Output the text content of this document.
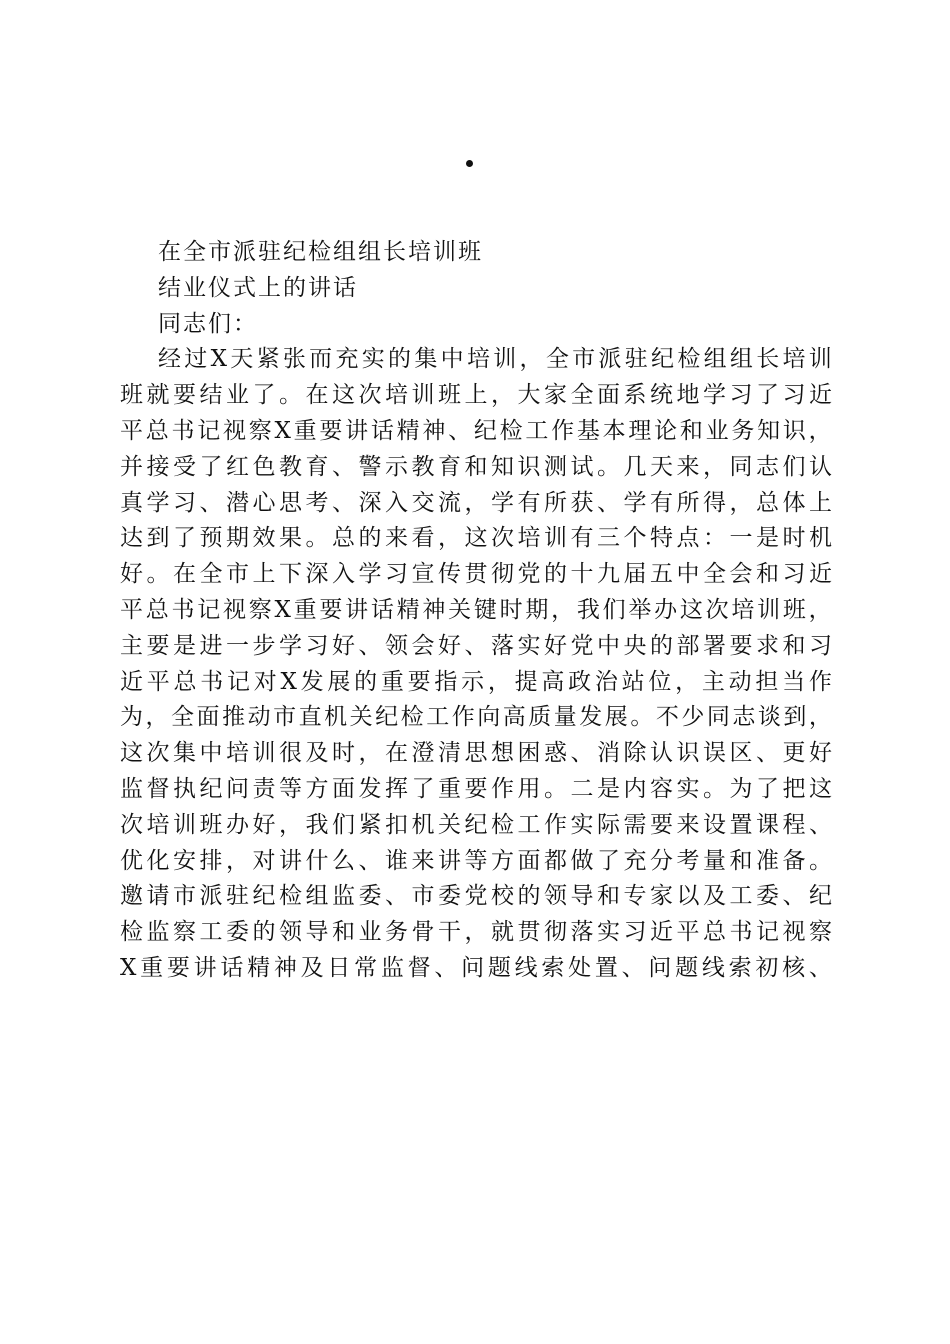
在全市派驻纪检组组长培训班
结业仪式上的讲话
同志们：
经 过 X 天 紧 张 而 充 实 的 集 中 培 训 ， 全 市 派 驻 纪 检 组 组 长 培 训
班 就 要 结 业 了 。 在 这 次 培 训 班 上 ， 大 家 全 面 系 统 地 学 习 了 习 近
平 总 书 记 视 察 X 重 要 讲 话 精 神 、 纪 检 工 作 基 本 理 论 和 业 务 知 识 ，
并 接 受 了 红 色 教 育 、 警 示 教 育 和 知 识 测 试 。 几 天 来 ， 同 志 们 认
真 学 习 、 潜 心 思 考 、 深 入 交 流 ， 学 有 所 获 、 学 有 所 得 ， 总 体 上
达 到 了 预 期 效 果 。 总 的 来 看 ， 这 次 培 训 有 三 个 特 点 ： 一 是 时 机
好 。 在 全 市 上 下 深 入 学 习 宣 传 贯 彻 党 的 十 九 届 五 中 全 会 和 习 近
平 总 书 记 视 察 X 重 要 讲 话 精 神 关 键 时 期 ， 我 们 举 办 这 次 培 训 班 ，
主 要 是 进 一 步 学 习 好 、 领 会 好 、 落 实 好 党 中 央 的 部 署 要 求 和 习
近 平 总 书 记 对 X 发 展 的 重 要 指 示 ， 提 高 政 治 站 位 ， 主 动 担 当 作
为 ， 全 面 推 动 市 直 机 关 纪 检 工 作 向 高 质 量 发 展 。 不 少 同 志 谈 到 ，
这 次 集 中 培 训 很 及 时 ， 在 澄 清 思 想 困 惑 、 消 除 认 识 误 区 、 更 好
监 督 执 纪 问 责 等 方 面 发 挥 了 重 要 作 用 。 二 是 内 容 实 。 为 了 把 这
次 培 训 班 办 好 ， 我 们 紧 扣 机 关 纪 检 工 作 实 际 需 要 来 设 置 课 程 、
优 化 安 排 ， 对 讲 什 么 、 谁 来 讲 等 方 面 都 做 了 充 分 考 量 和 准 备 。
邀 请 市 派 驻 纪 检 组 监 委 、 市 委 党 校 的 领 导 和 专 家 以 及 工 委 、 纪
检 监 察 工 委 的 领 导 和 业 务 骨 干 ， 就 贯 彻 落 实 习 近 平 总 书 记 视 察
X 重 要 讲 话 精 神 及 日 常 监 督 、 问 题 线 索 处 置 、 问 题 线 索 初 核 、
